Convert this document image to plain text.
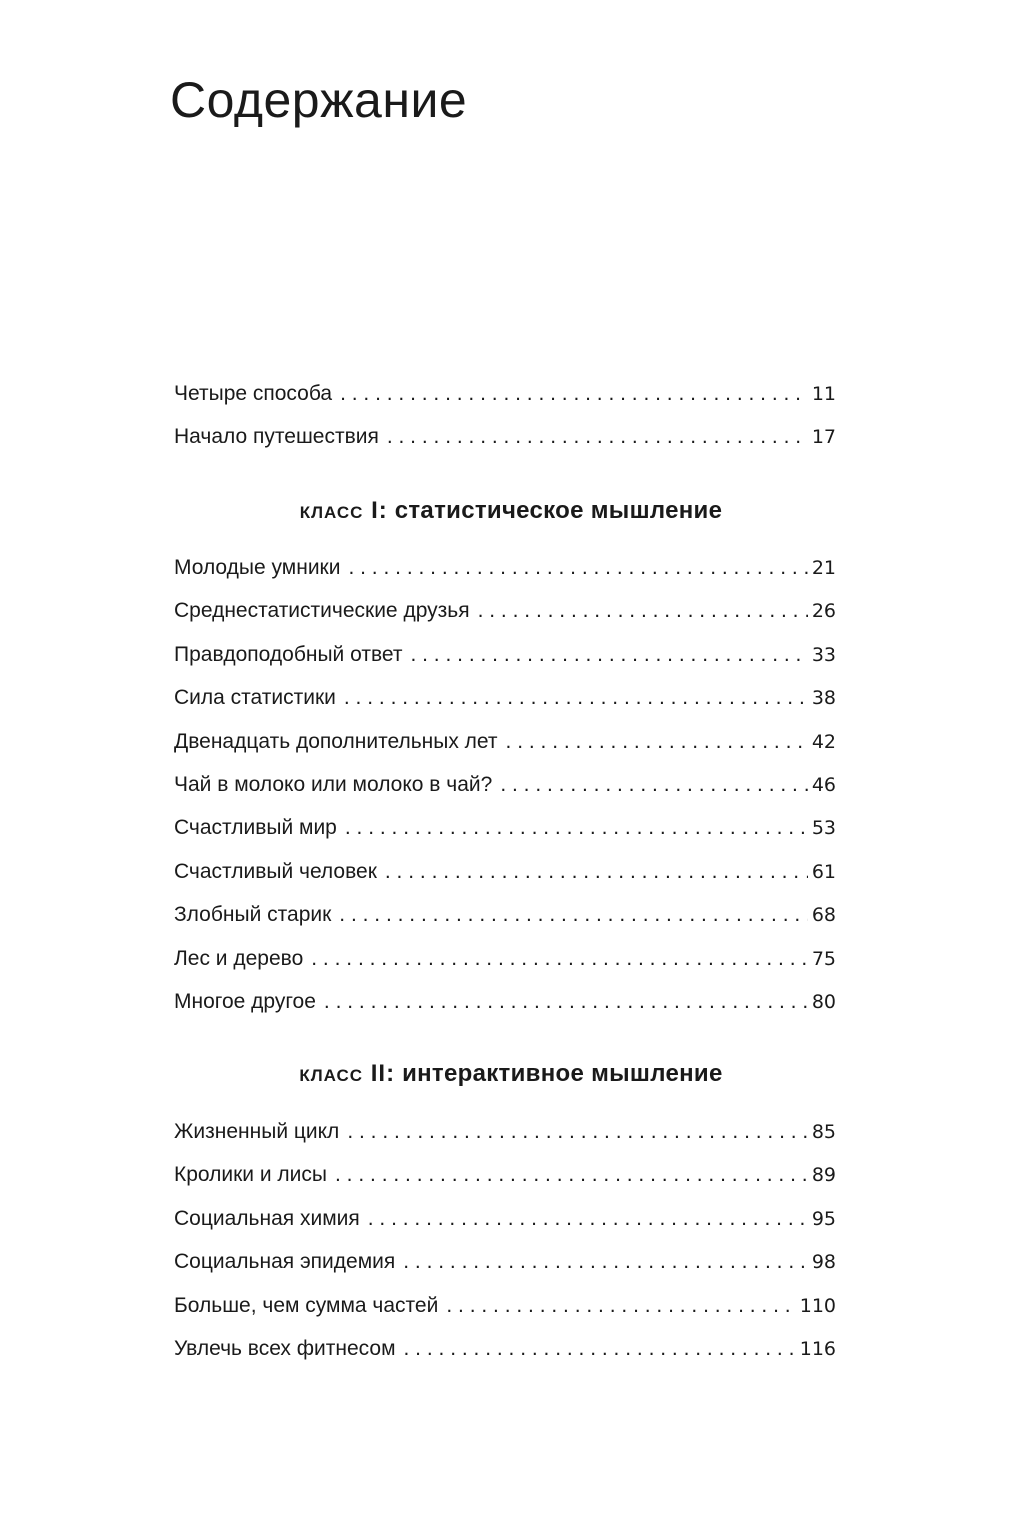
Содержание
Четыре способа . . .	11
Начало путешествия . . .	17
класс I: статистическое мышление
Молодые умники . . .	21
Среднестатистические друзья . . .	26
Правдоподобный ответ . . .	33
Сила статистики . . .	38
Двенадцать дополнительных лет . . .	42
Чай в молоко или молоко в чай? . . .	46
Счастливый мир . . .	53
Счастливый человек . . .	61
Злобный старик . . .	68
Лес и дерево . . .	75
Многое другое . . .	80
класс II: интерактивное мышление
Жизненный цикл . . .	85
Кролики и лисы . . .	89
Социальная химия . . .	95
Социальная эпидемия . . .	98
Больше, чем сумма частей . . .	110
Увлечь всех фитнесом . . .	116
